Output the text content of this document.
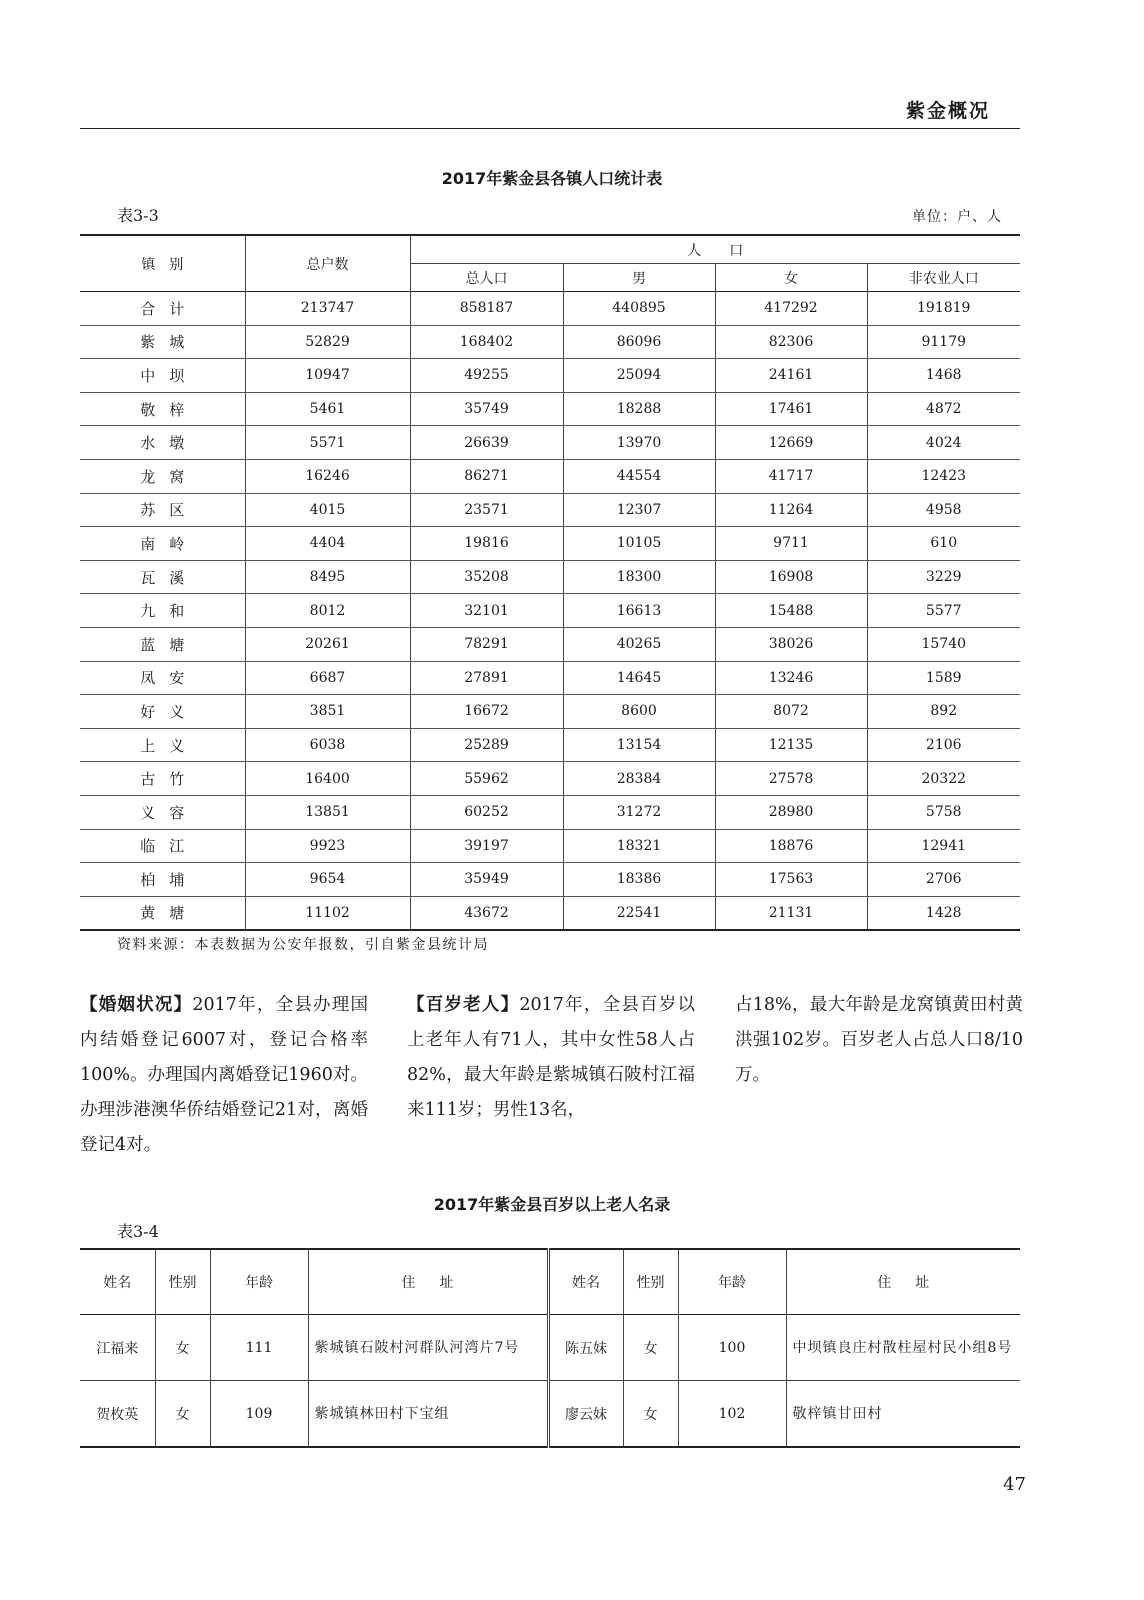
紫金概况
2017年紫金县各镇人口统计表
表3-3	单位：户、人
镇　别	总户数	人　　口			
		总人口	男	女	非农业人口
合计	213747	858187	440895	417292	191819
紫城	52829	168402	86096	82306	91179
中坝	10947	49255	25094	24161	1468
敬梓	5461	35749	18288	17461	4872
水墩	5571	26639	13970	12669	4024
龙窝	16246	86271	44554	41717	12423
苏区	4015	23571	12307	11264	4958
南岭	4404	19816	10105	9711	610
瓦溪	8495	35208	18300	16908	3229
九和	8012	32101	16613	15488	5577
蓝塘	20261	78291	40265	38026	15740
凤安	6687	27891	14645	13246	1589
好义	3851	16672	8600	8072	892
上义	6038	25289	13154	12135	2106
古竹	16400	55962	28384	27578	20322
义容	13851	60252	31272	28980	5758
临江	9923	39197	18321	18876	12941
柏埔	9654	35949	18386	17563	2706
黄塘	11102	43672	22541	21131	1428
资料来源：本表数据为公安年报数，引自紫金县统计局
【婚姻状况】2017年，全县办理国内结婚登记6007对，登记合格率100%。办理国内离婚登记1960对。办理涉港澳华侨结婚登记21对，离婚登记4对。
【百岁老人】2017年，全县百岁以上老年人有71人，其中女性58人占82%，最大年龄是紫城镇石陂村江福来111岁；男性13名，
占18%，最大年龄是龙窝镇黄田村黄洪强102岁。百岁老人占总人口8/10万。
2017年紫金县百岁以上老人名录
表3-4
姓名	性别	年龄	住址	姓名	性别	年龄	住址
江福来	女	111	紫城镇石陂村河群队河湾片7号	陈五妹	女	100	中坝镇良庄村散柱屋村民小组8号
贺枚英	女	109	紫城镇林田村下宝组	廖云妹	女	102	敬梓镇甘田村
47
